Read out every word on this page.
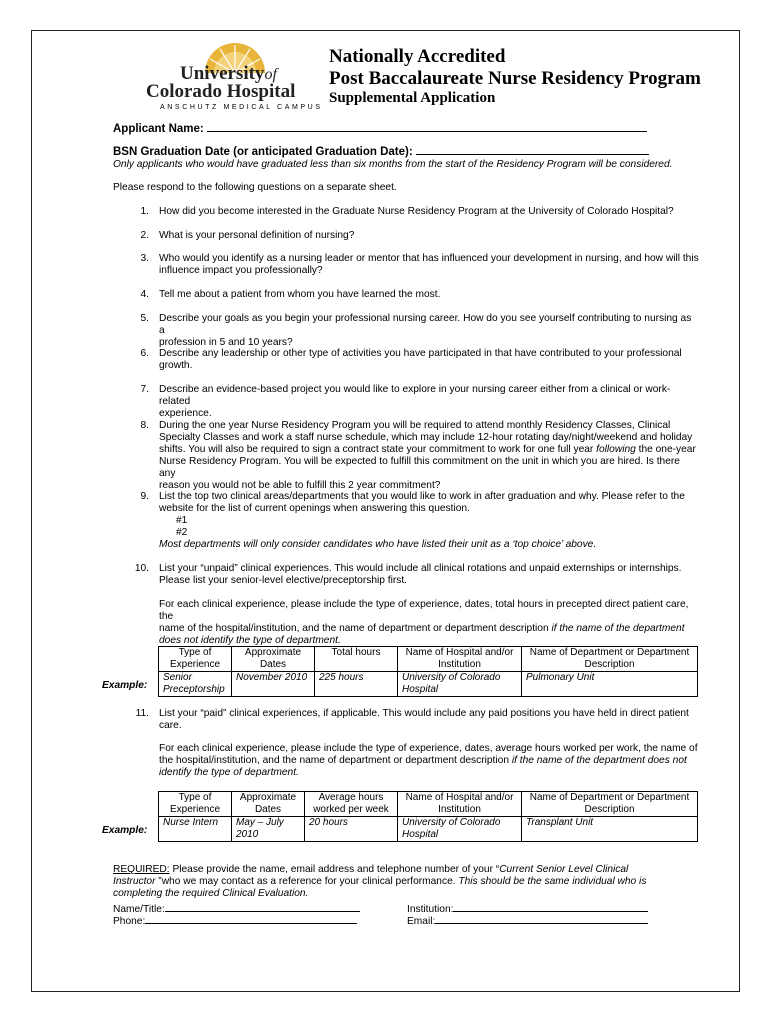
Universityof
Colorado Hospital
ANSCHUTZ MEDICAL CAMPUS
Nationally Accredited
Post Baccalaureate Nurse Residency Program
Supplemental Application
Applicant Name:
BSN Graduation Date (or anticipated Graduation Date):
Only applicants who would have graduated less than six months from the start of the Residency Program will be considered.
Please respond to the following questions on a separate sheet.
1. How did you become interested in the Graduate Nurse Residency Program at the University of Colorado Hospital?
2. What is your personal definition of nursing?
3. Who would you identify as a nursing leader or mentor that has influenced your development in nursing, and how will this
influence impact you professionally?
4. Tell me about a patient from whom you have learned the most.
5. Describe your goals as you begin your professional nursing career. How do you see yourself contributing to nursing as a
profession in 5 and 10 years?
6. Describe any leadership or other type of activities you have participated in that have contributed to your professional
growth.
7. Describe an evidence-based project you would like to explore in your nursing career either from a clinical or work-related
experience.
8. During the one year Nurse Residency Program you will be required to attend monthly Residency Classes, Clinical
Specialty Classes and work a staff nurse schedule, which may include 12-hour rotating day/night/weekend and holiday
shifts. You will also be required to sign a contract state your commitment to work for one full year following the one-year
Nurse Residency Program. You will be expected to fulfill this commitment on the unit in which you are hired. Is there any
reason you would not be able to fulfill this 2 year commitment?
9. List the top two clinical areas/departments that you would like to work in after graduation and why. Please refer to the
website for the list of current openings when answering this question.
#1
#2
Most departments will only consider candidates who have listed their unit as a ‘top choice’ above.
10. List your “unpaid” clinical experiences. This would include all clinical rotations and unpaid externships or internships.
Please list your senior-level elective/preceptorship first.
For each clinical experience, please include the type of experience, dates, total hours in precepted direct patient care, the
name of the hospital/institution, and the name of department or department description if the name of the department
does not identify the type of department.
Example:
Type of Experience	Approximate Dates	Total hours	Name of Hospital and/or Institution	Name of Department or Department Description
Senior Preceptorship	November 2010	225 hours	University of Colorado Hospital	Pulmonary Unit
11. List your “paid” clinical experiences, if applicable. This would include any paid positions you have held in direct patient
care.
For each clinical experience, please include the type of experience, dates, average hours worked per work, the name of
the hospital/institution, and the name of department or department description if the name of the department does not
identify the type of department.
Example:
Type of Experience	Approximate Dates	Average hours worked per week	Name of Hospital and/or Institution	Name of Department or Department Description
Nurse Intern	May – July 2010	20 hours	University of Colorado Hospital	Transplant Unit
REQUIRED: Please provide the name, email address and telephone number of your “Current Senior Level Clinical
Instructor ”who we may contact as a reference for your clinical performance. This should be the same individual who is
completing the required Clinical Evaluation.
Name/Title:	Institution:
Phone:	Email:
